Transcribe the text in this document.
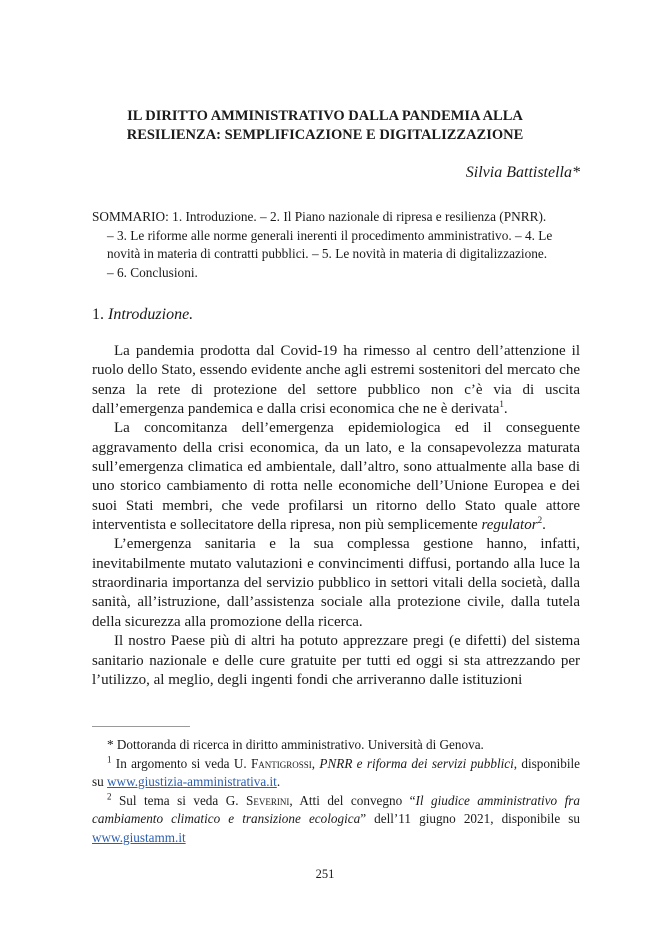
IL DIRITTO AMMINISTRATIVO DALLA PANDEMIA ALLA
RESILIENZA: SEMPLIFICAZIONE E DIGITALIZZAZIONE
Silvia Battistella*
SOMMARIO: 1. Introduzione. – 2. Il Piano nazionale di ripresa e resilienza (PNRR).
– 3. Le riforme alle norme generali inerenti il procedimento amministrativo. – 4. Le
novità in materia di contratti pubblici. – 5. Le novità in materia di digitalizzazione.
– 6. Conclusioni.
1. Introduzione.

La pandemia prodotta dal Covid-19 ha rimesso al centro dell’attenzione il ruolo dello Stato, essendo evidente anche agli estremi sostenitori del mercato che senza la rete di protezione del settore pubblico non c’è via di uscita dall’emergenza pandemica e dalla crisi economica che ne è derivata$^1$.

La concomitanza dell’emergenza epidemiologica ed il conseguente aggravamento della crisi economica, da un lato, e la consapevolezza maturata sull’emergenza climatica ed ambientale, dall’altro, sono attualmente alla base di uno storico cambiamento di rotta nelle economiche dell’Unione Europea e dei suoi Stati membri, che vede profilarsi un ritorno dello Stato quale attore interventista e sollecitatore della ripresa, non più semplicemente regulator$^2$.

L’emergenza sanitaria e la sua complessa gestione hanno, infatti, inevitabilmente mutato valutazioni e convincimenti diffusi, portando alla luce la straordinaria importanza del servizio pubblico in settori vitali della società, dalla sanità, all’istruzione, dall’assistenza sociale alla protezione civile, dalla tutela della sicurezza alla promozione della ricerca.

Il nostro Paese più di altri ha potuto apprezzare pregi (e difetti) del sistema sanitario nazionale e delle cure gratuite per tutti ed oggi si sta attrezzando per l’utilizzo, al meglio, degli ingenti fondi che arriveranno dalle istituzioni

* Dottoranda di ricerca in diritto amministrativo. Università di Genova.

$^1$ In argomento si veda U. Fantigrossi, PNRR e riforma dei servizi pubblici, disponibile su www.giustizia-amministrativa.it.

$^2$ Sul tema si veda G. Severini, Atti del convegno “Il giudice amministrativo fra cambiamento climatico e transizione ecologica” dell’11 giugno 2021, disponibile su www.giustamm.it

251
